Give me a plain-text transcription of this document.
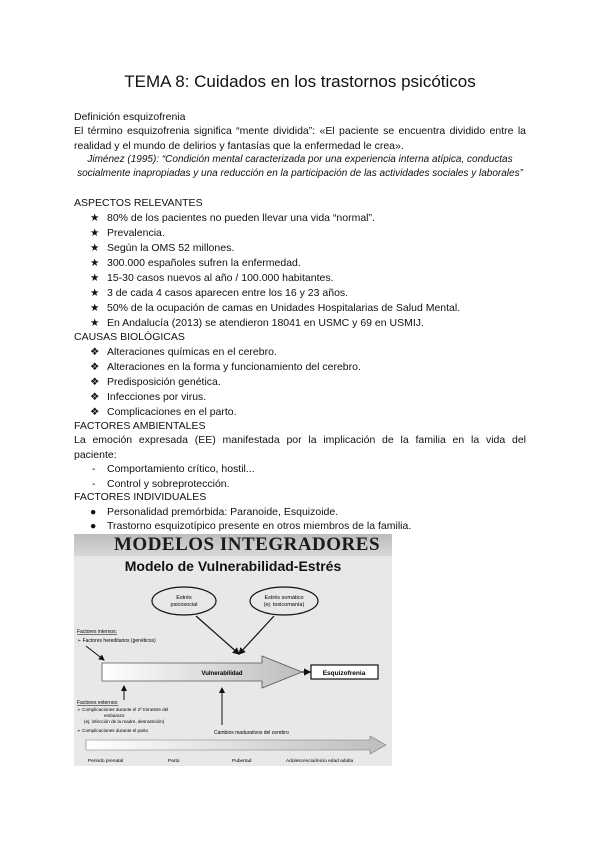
TEMA 8: Cuidados en los trastornos psicóticos
Definición esquizofrenia
El término esquizofrenia significa “mente dividida”: «El paciente se encuentra dividido entre la realidad y el mundo de delirios y fantasías que la enfermedad le crea».
Jiménez (1995): “Condición mental caracterizada por una experiencia interna atípica, conductas socialmente inapropiadas y una reducción en la participación de las actividades sociales y laborales”
ASPECTOS RELEVANTES
★ 80% de los pacientes no pueden llevar una vida “normal”.
★ Prevalencia.
★ Según la OMS 52 millones.
★ 300.000 españoles sufren la enfermedad.
★ 15-30 casos nuevos al año / 100.000 habitantes.
★ 3 de cada 4 casos aparecen entre los 16 y 23 años.
★ 50% de la ocupación de camas en Unidades Hospitalarias de Salud Mental.
★ En Andalucía (2013) se atendieron 18041 en USMC y 69 en USMIJ.
CAUSAS BIOLÓGICAS
❖ Alteraciones químicas en el cerebro.
❖ Alteraciones en la forma y funcionamiento del cerebro.
❖ Predisposición genética.
❖ Infecciones por virus.
❖ Complicaciones en el parto.
FACTORES AMBIENTALES
La emoción expresada (EE) manifestada por la implicación de la familia en la vida del paciente:
- Comportamiento crítico, hostil...
- Control y sobreprotección.
FACTORES INDIVIDUALES
● Personalidad premórbida: Paranoide, Esquizoide.
● Trastorno esquizotípico presente en otros miembros de la familia.
MODELOS INTEGRADORES
Modelo de Vulnerabilidad-Estrés
Estrés
psicosocial
Estrés somático
(ej: toxicomanía)
Factores internos:
➢ Factores hereditarios (genéticos)
Vulnerabilidad	Esquizofrenia
Factores externos:
➢ Complicaciones durante el 2º trimestre del
embarazo
(ej: infección de la madre, desnutrición)
➢ Complicaciones durante el parto	Cambios madurativos del cerebro
Periodo prenatal	Parto	Pubertad	Adolescencia/inicio edad adulta
